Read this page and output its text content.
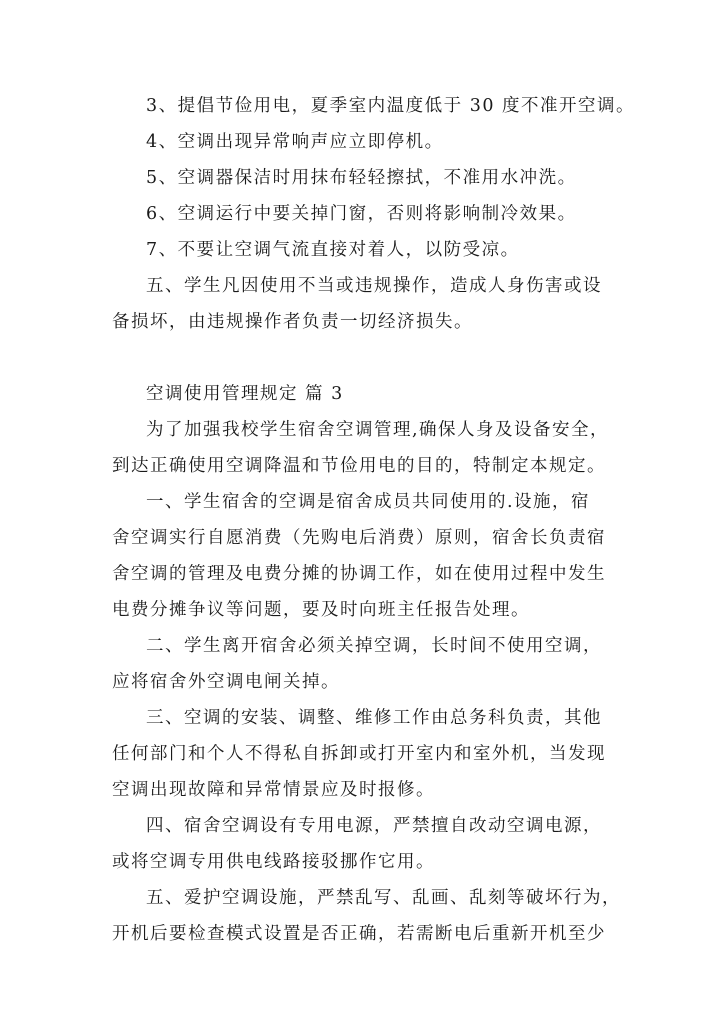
3、提倡节俭用电，夏季室内温度低于 30 度不准开空调。
4、空调出现异常响声应立即停机。
5、空调器保洁时用抹布轻轻擦拭，不准用水冲洗。
6、空调运行中要关掉门窗，否则将影响制冷效果。
7、不要让空调气流直接对着人，以防受凉。
五、学生凡因使用不当或违规操作，造成人身伤害或设
备损坏，由违规操作者负责一切经济损失。
空调使用管理规定 篇 3
为了加强我校学生宿舍空调管理,确保人身及设备安全，
到达正确使用空调降温和节俭用电的目的，特制定本规定。
一、学生宿舍的空调是宿舍成员共同使用的.设施，宿
舍空调实行自愿消费（先购电后消费）原则，宿舍长负责宿
舍空调的管理及电费分摊的协调工作，如在使用过程中发生
电费分摊争议等问题，要及时向班主任报告处理。
二、学生离开宿舍必须关掉空调，长时间不使用空调，
应将宿舍外空调电闸关掉。
三、空调的安装、调整、维修工作由总务科负责，其他
任何部门和个人不得私自拆卸或打开室内和室外机，当发现
空调出现故障和异常情景应及时报修。
四、宿舍空调设有专用电源，严禁擅自改动空调电源，
或将空调专用供电线路接驳挪作它用。
五、爱护空调设施，严禁乱写、乱画、乱刻等破坏行为，
开机后要检查模式设置是否正确，若需断电后重新开机至少
